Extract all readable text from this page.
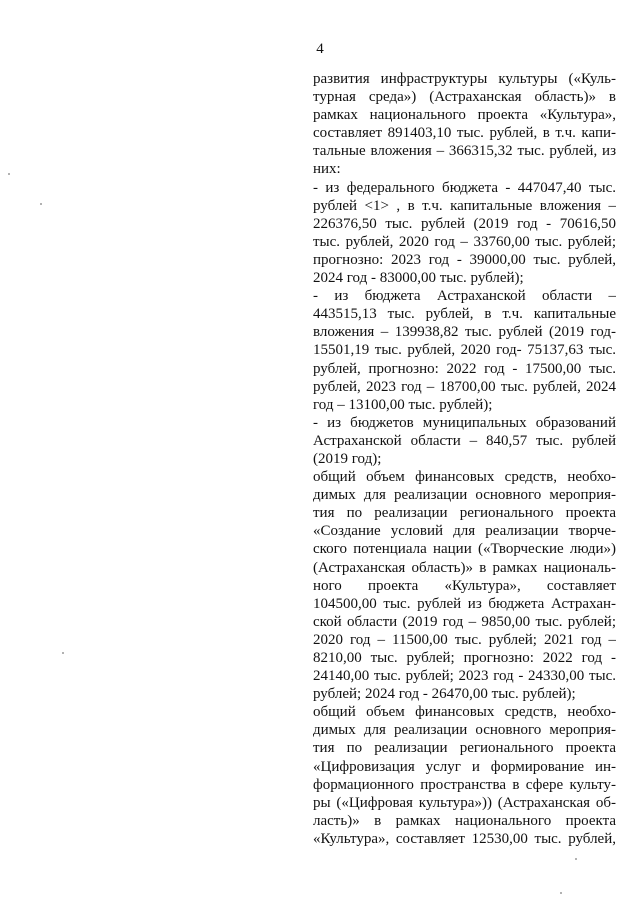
4
развития инфраструктуры культуры («Куль-
турная среда») (Астраханская область)» в
рамках национального проекта «Культура»,
составляет 891403,10 тыс. рублей, в т.ч. капи-
тальные вложения – 366315,32 тыс. рублей, из
них:
- из федерального бюджета - 447047,40 тыс.
рублей <1> , в т.ч. капитальные вложения –
226376,50 тыс. рублей (2019 год - 70616,50
тыс. рублей, 2020 год – 33760,00 тыс. рублей;
прогнозно: 2023 год - 39000,00 тыс. рублей,
2024 год - 83000,00 тыс. рублей);
- из бюджета Астраханской области –
443515,13 тыс. рублей, в т.ч. капитальные
вложения – 139938,82 тыс. рублей (2019 год-
15501,19 тыс. рублей, 2020 год- 75137,63 тыс.
рублей, прогнозно: 2022 год - 17500,00 тыс.
рублей, 2023 год – 18700,00 тыс. рублей, 2024
год – 13100,00 тыс. рублей);
- из бюджетов муниципальных образований
Астраханской области – 840,57 тыс. рублей
(2019 год);
общий объем финансовых средств, необхо-
димых для реализации основного мероприя-
тия по реализации регионального проекта
«Создание условий для реализации творче-
ского потенциала нации («Творческие люди»)
(Астраханская область)» в рамках националь-
ного проекта «Культура», составляет
104500,00 тыс. рублей из бюджета Астрахан-
ской области (2019 год – 9850,00 тыс. рублей;
2020 год – 11500,00 тыс. рублей; 2021 год –
8210,00 тыс. рублей; прогнозно: 2022 год -
24140,00 тыс. рублей; 2023 год - 24330,00 тыс.
рублей; 2024 год - 26470,00 тыс. рублей);
общий объем финансовых средств, необхо-
димых для реализации основного мероприя-
тия по реализации регионального проекта
«Цифровизация услуг и формирование ин-
формационного пространства в сфере культу-
ры («Цифровая культура»)) (Астраханская об-
ласть)» в рамках национального проекта
«Культура», составляет 12530,00 тыс. рублей,
